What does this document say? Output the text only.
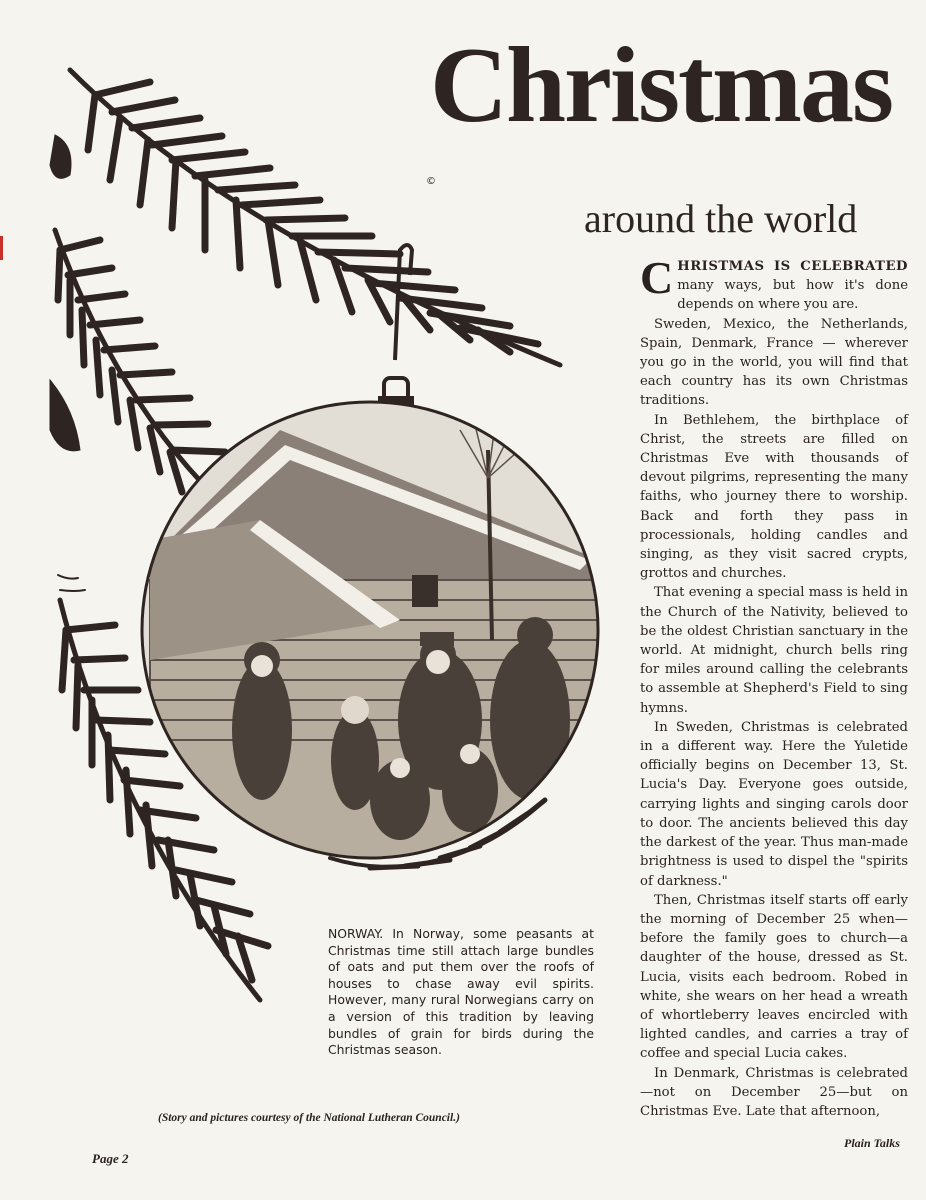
Christmas
©
around the world

CHRISTMAS IS CELEBRATED many ways, but how it's done depends on where you are.

Sweden, Mexico, the Netherlands, Spain, Denmark, France — wherever you go in the world, you will find that each country has its own Christmas traditions.

In Bethlehem, the birthplace of Christ, the streets are filled on Christmas Eve with thousands of devout pilgrims, representing the many faiths, who journey there to worship. Back and forth they pass in processionals, holding candles and singing, as they visit sacred crypts, grottos and churches.

That evening a special mass is held in the Church of the Nativity, believed to be the oldest Christian sanctuary in the world. At midnight, church bells ring for miles around calling the celebrants to assemble at Shepherd's Field to sing hymns.

In Sweden, Christmas is celebrated in a different way. Here the Yuletide officially begins on December 13, St. Lucia's Day. Everyone goes outside, carrying lights and singing carols door to door. The ancients believed this day the darkest of the year. Thus man-made brightness is used to dispel the "spirits of darkness."

Then, Christmas itself starts off early the morning of December 25 when—before the family goes to church—a daughter of the house, dressed as St. Lucia, visits each bedroom. Robed in white, she wears on her head a wreath of whortleberry leaves encircled with lighted candles, and carries a tray of coffee and special Lucia cakes.

In Denmark, Christmas is celebrated—not on December 25—but on Christmas Eve. Late that afternoon,

NORWAY. In Norway, some peasants at Christmas time still attach large bundles of oats and put them over the roofs of houses to chase away evil spirits. However, many rural Norwegians carry on a version of this tradition by leaving bundles of grain for birds during the Christmas season.
(Story and pictures courtesy of the National Lutheran Council.)
Page 2
Plain Talks
